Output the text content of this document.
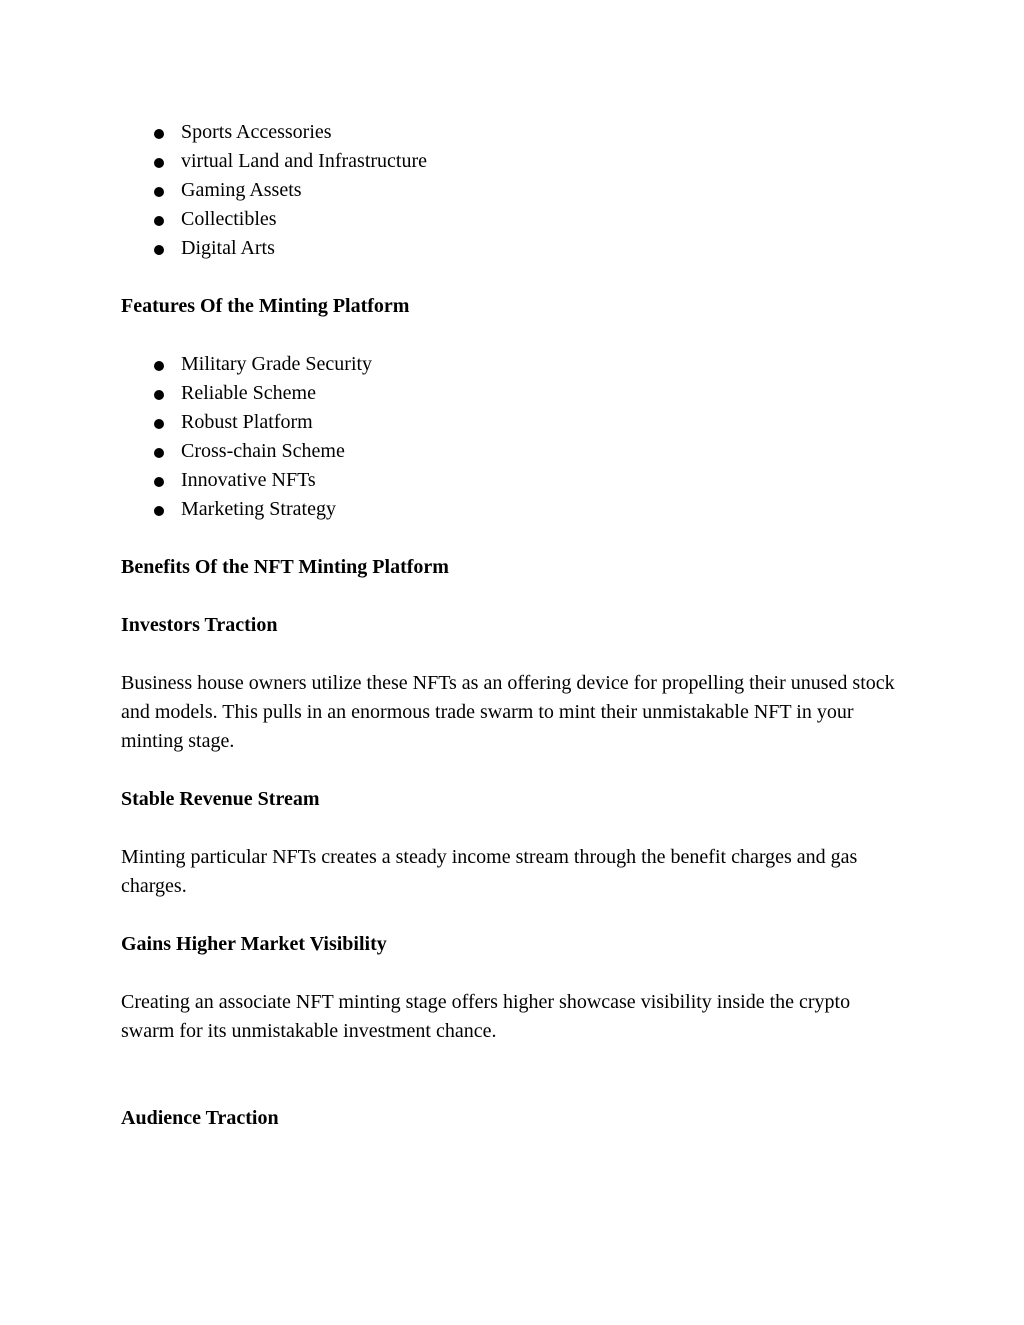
Sports Accessories
virtual Land and Infrastructure
Gaming Assets
Collectibles
Digital Arts
Features Of the Minting Platform
Military Grade Security
Reliable Scheme
Robust Platform
Cross-chain Scheme
Innovative NFTs
Marketing Strategy
Benefits Of the NFT Minting Platform
Investors Traction

Business house owners utilize these NFTs as an offering device for propelling their unused stock and models. This pulls in an enormous trade swarm to mint their unmistakable NFT in your minting stage.

Stable Revenue Stream

Minting particular NFTs creates a steady income stream through the benefit charges and gas charges.

Gains Higher Market Visibility

Creating an associate NFT minting stage offers higher showcase visibility inside the crypto swarm for its unmistakable investment chance.

Audience Traction
